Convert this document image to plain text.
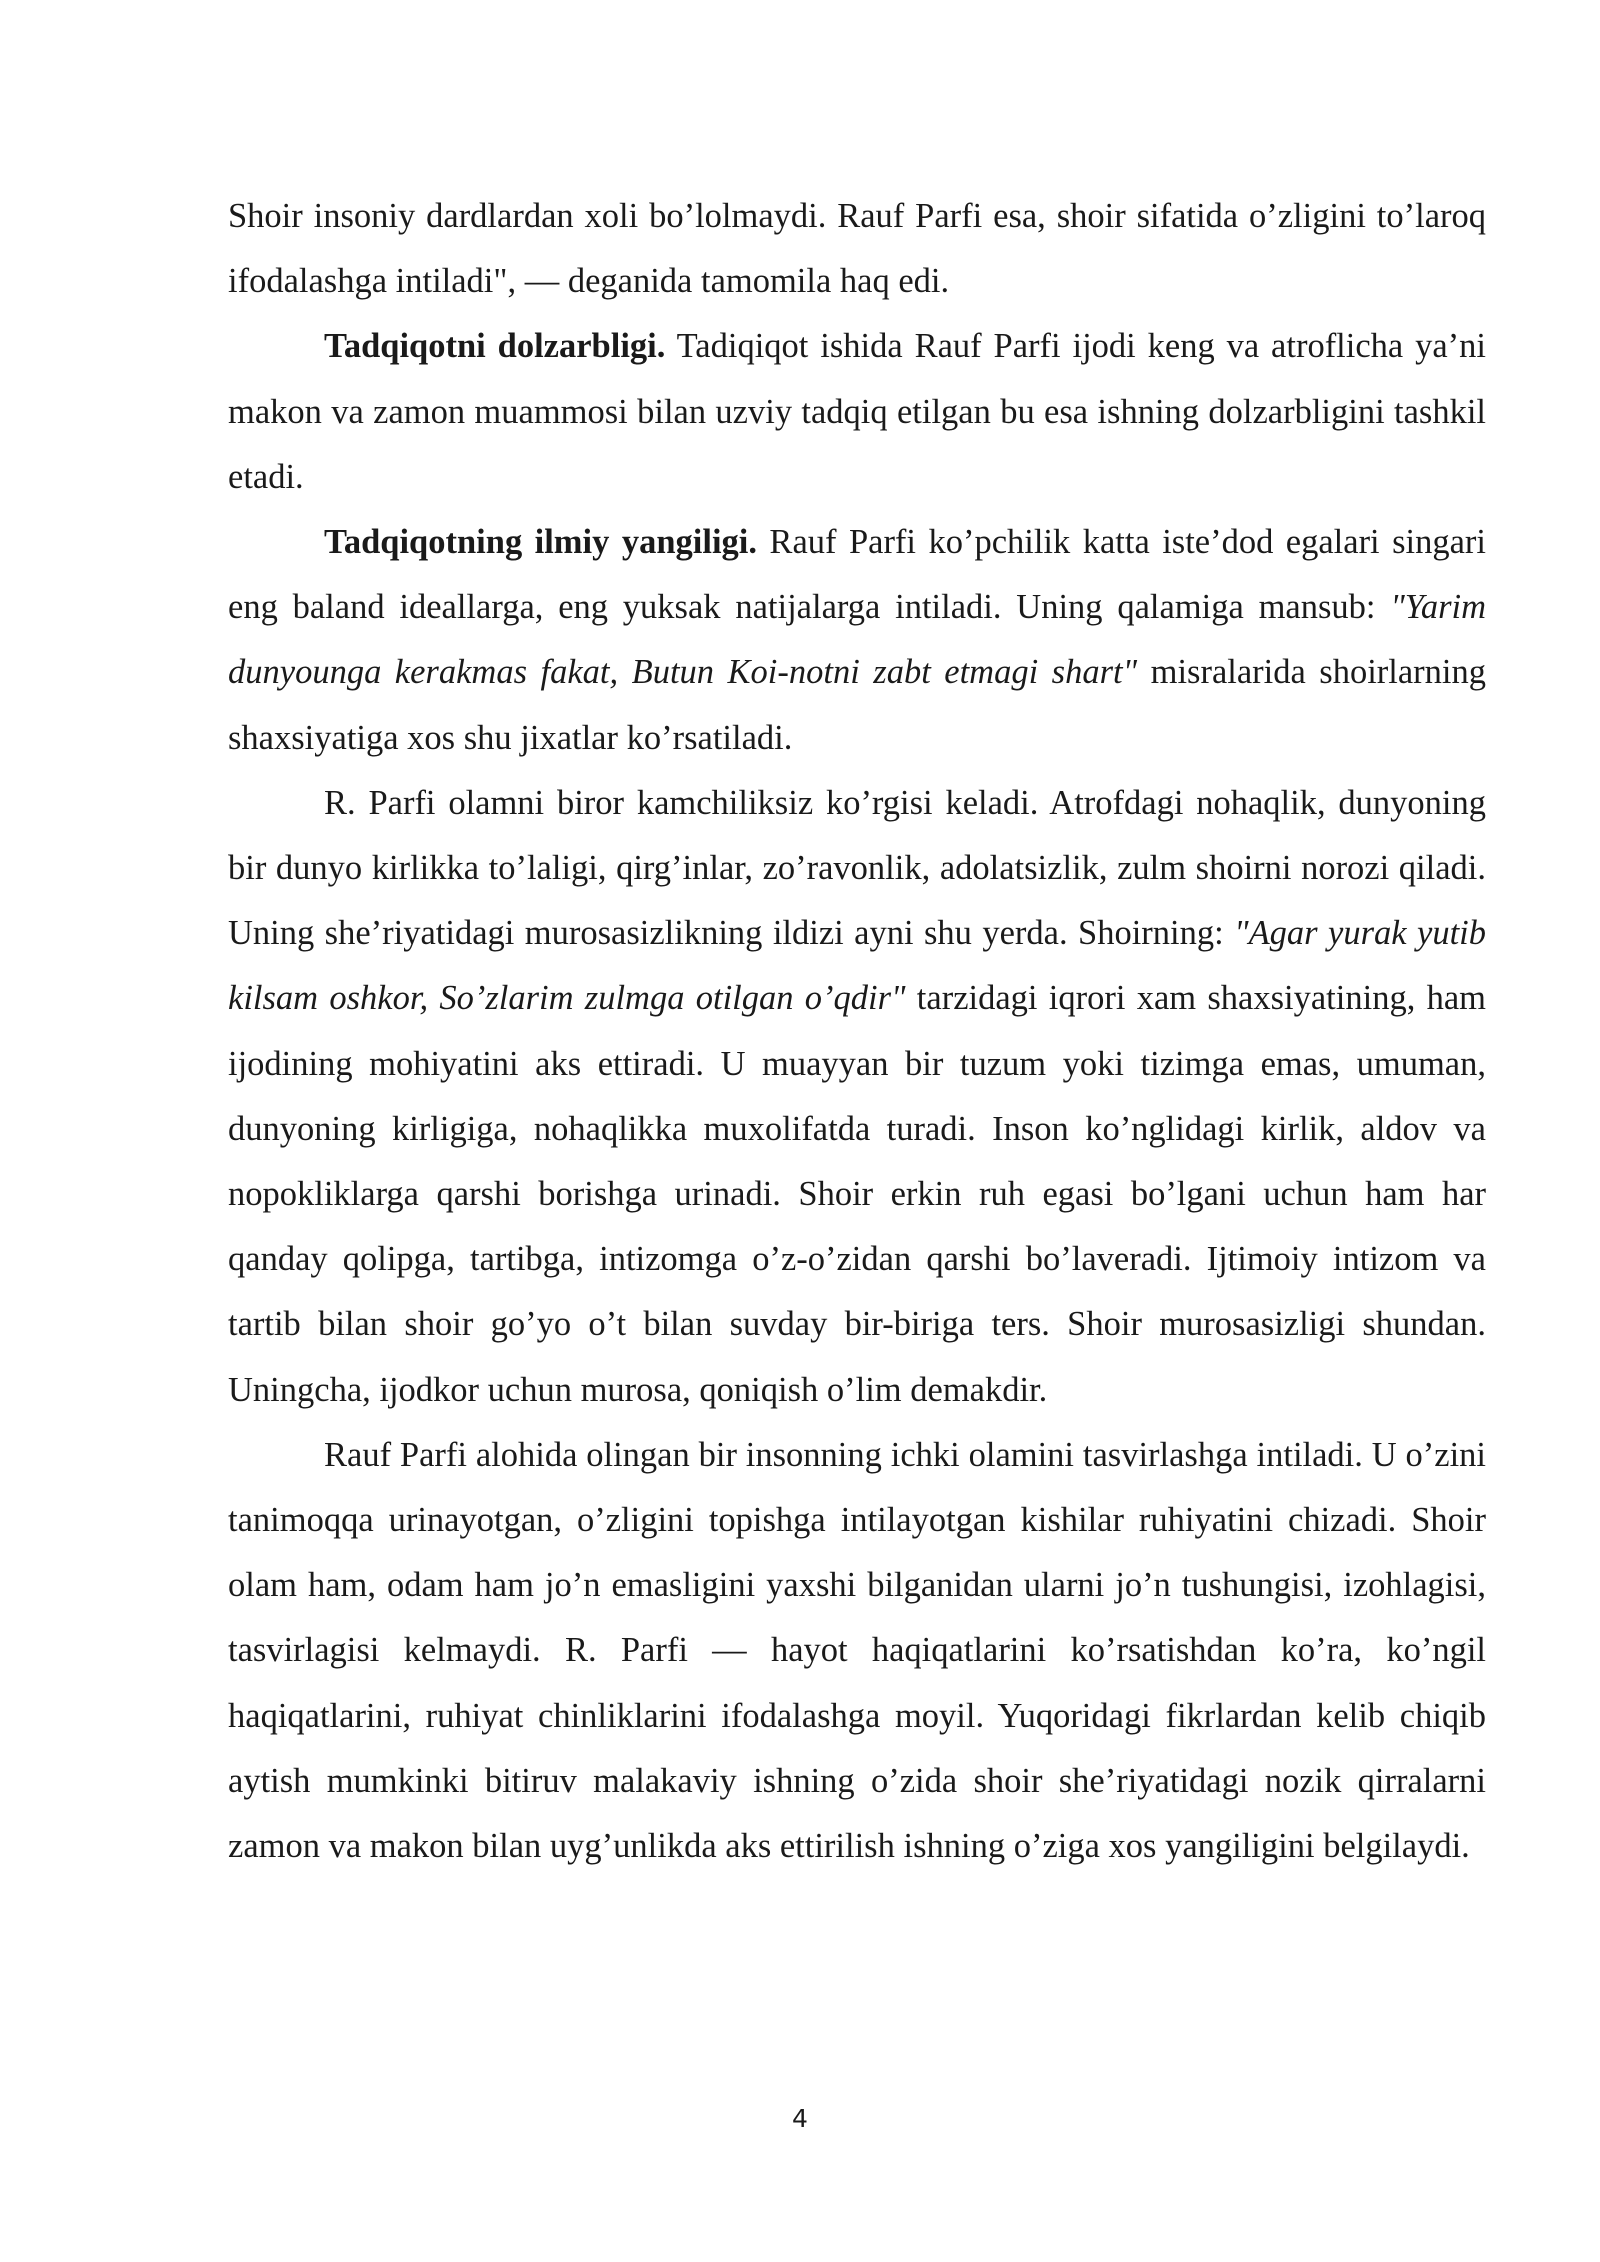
Shoir insoniy dardlardan xoli bo’lolmaydi. Rauf Parfi esa, shoir sifatida o’zligini to’laroq ifodalashga intiladi", — deganida tamomila haq edi.

Tadqiqotni dolzarbligi. Tadiqiqot ishida Rauf Parfi ijodi keng va atroflicha ya’ni makon va zamon muammosi bilan uzviy tadqiq etilgan bu esa ishning dolzarbligini tashkil etadi.

Tadqiqotning ilmiy yangiligi. Rauf Parfi ko’pchilik katta iste’dod egalari singari eng baland ideallarga, eng yuksak natijalarga intiladi. Uning qalamiga mansub: "Yarim dunyounga kerakmas fakat, Butun Koi-notni zabt etmagi shart" misralarida shoirlarning shaxsiyatiga xos shu jixatlar ko’rsatiladi.

R. Parfi olamni biror kamchiliksiz ko’rgisi keladi. Atrofdagi nohaqlik, dunyoning bir dunyo kirlikka to’laligi, qirg’inlar, zo’ravonlik, adolatsizlik, zulm shoirni norozi qiladi. Uning she’riyatidagi murosasizlikning ildizi ayni shu yerda. Shoirning: "Agar yurak yutib kilsam oshkor, So’zlarim zulmga otilgan o’qdir" tarzidagi iqrori xam shaxsiyatining, ham ijodining mohiyatini aks ettiradi. U muayyan bir tuzum yoki tizimga emas, umuman, dunyoning kirligiga, nohaqlikka muxolifatda turadi. Inson ko’nglidagi kirlik, aldov va nopokliklarga qarshi borishga urinadi. Shoir erkin ruh egasi bo’lgani uchun ham har qanday qolipga, tartibga, intizomga o’z-o’zidan qarshi bo’laveradi. Ijtimoiy intizom va tartib bilan shoir go’yo o’t bilan suvday bir-biriga ters. Shoir murosasizligi shundan. Uningcha, ijodkor uchun murosa, qoniqish o’lim demakdir.

Rauf Parfi alohida olingan bir insonning ichki olamini tasvirlashga intiladi. U o’zini tanimoqqa urinayotgan, o’zligini topishga intilayotgan kishilar ruhiyatini chizadi. Shoir olam ham, odam ham jo’n emasligini yaxshi bilganidan ularni jo’n tushungisi, izohlagisi, tasvirlagisi kelmaydi. R. Parfi — hayot haqiqatlarini ko’rsatishdan ko’ra, ko’ngil haqiqatlarini, ruhiyat chinliklarini ifodalashga moyil. Yuqoridagi fikrlardan kelib chiqib aytish mumkinki bitiruv malakaviy ishning o’zida shoir she’riyatidagi nozik qirralarni zamon va makon bilan uyg’unlikda aks ettirilish ishning o’ziga xos yangiligini belgilaydi.

4
